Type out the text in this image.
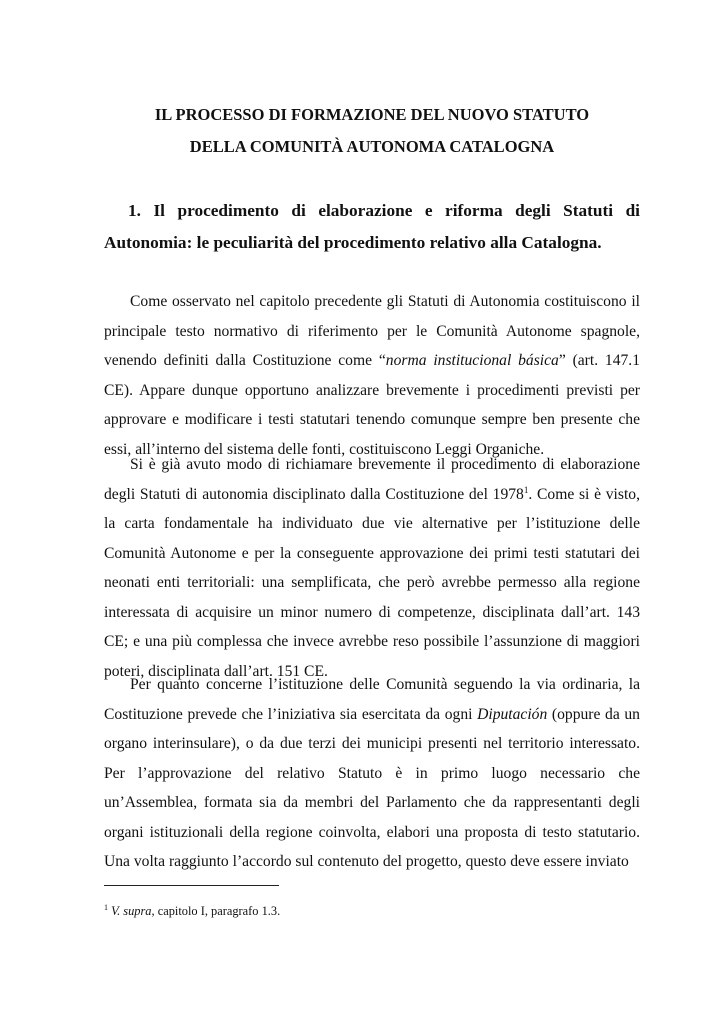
IL PROCESSO DI FORMAZIONE DEL NUOVO STATUTO
DELLA COMUNITÀ AUTONOMA CATALOGNA
1. Il procedimento di elaborazione e riforma degli Statuti di Autonomia: le peculiarità del procedimento relativo alla Catalogna.

Come osservato nel capitolo precedente gli Statuti di Autonomia costituiscono il principale testo normativo di riferimento per le Comunità Autonome spagnole, venendo definiti dalla Costituzione come “norma institucional básica” (art. 147.1 CE). Appare dunque opportuno analizzare brevemente i procedimenti previsti per approvare e modificare i testi statutari tenendo comunque sempre ben presente che essi, all’interno del sistema delle fonti, costituiscono Leggi Organiche.

Si è già avuto modo di richiamare brevemente il procedimento di elaborazione degli Statuti di autonomia disciplinato dalla Costituzione del 1978$^1$. Come si è visto, la carta fondamentale ha individuato due vie alternative per l’istituzione delle Comunità Autonome e per la conseguente approvazione dei primi testi statutari dei neonati enti territoriali: una semplificata, che però avrebbe permesso alla regione interessata di acquisire un minor numero di competenze, disciplinata dall’art. 143 CE; e una più complessa che invece avrebbe reso possibile l’assunzione di maggiori poteri, disciplinata dall’art. 151 CE.

Per quanto concerne l’istituzione delle Comunità seguendo la via ordinaria, la Costituzione prevede che l’iniziativa sia esercitata da ogni Diputación (oppure da un organo interinsulare), o da due terzi dei municipi presenti nel territorio interessato. Per l’approvazione del relativo Statuto è in primo luogo necessario che un’Assemblea, formata sia da membri del Parlamento che da rappresentanti degli organi istituzionali della regione coinvolta, elabori una proposta di testo statutario. Una volta raggiunto l’accordo sul contenuto del progetto, questo deve essere inviato

$^1$ V. supra, capitolo I, paragrafo 1.3.
